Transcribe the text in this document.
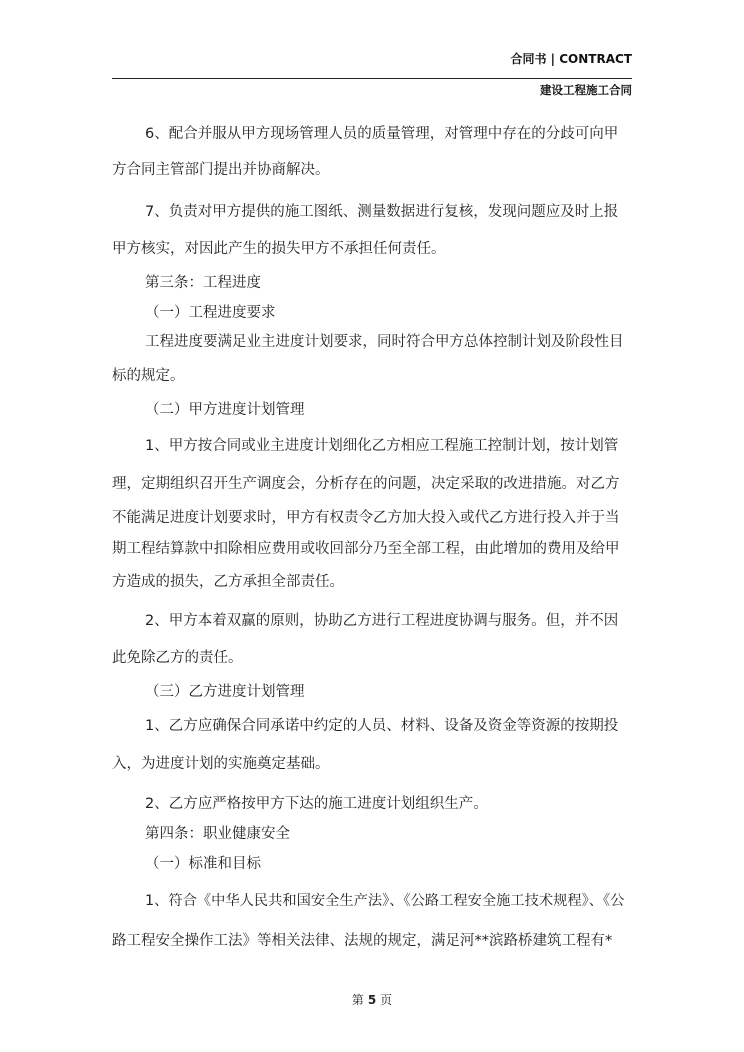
合同书 | CONTRACT
建设工程施工合同
6、配合并服从甲方现场管理人员的质量管理，对管理中存在的分歧可向甲
方合同主管部门提出并协商解决。
7、负责对甲方提供的施工图纸、测量数据进行复核，发现问题应及时上报
甲方核实，对因此产生的损失甲方不承担任何责任。
第三条：工程进度
（一）工程进度要求
工程进度要满足业主进度计划要求，同时符合甲方总体控制计划及阶段性目
标的规定。
（二）甲方进度计划管理
1、甲方按合同或业主进度计划细化乙方相应工程施工控制计划，按计划管
理，定期组织召开生产调度会，分析存在的问题，决定采取的改进措施。对乙方
不能满足进度计划要求时，甲方有权责令乙方加大投入或代乙方进行投入并于当
期工程结算款中扣除相应费用或收回部分乃至全部工程，由此增加的费用及给甲
方造成的损失，乙方承担全部责任。
2、甲方本着双赢的原则，协助乙方进行工程进度协调与服务。但，并不因
此免除乙方的责任。
（三）乙方进度计划管理
1、乙方应确保合同承诺中约定的人员、材料、设备及资金等资源的按期投
入，为进度计划的实施奠定基础。
2、乙方应严格按甲方下达的施工进度计划组织生产。
第四条：职业健康安全
（一）标准和目标
1、符合《中华人民共和国安全生产法》、《公路工程安全施工技术规程》、《公
路工程安全操作工法》等相关法律、法规的规定，满足河**滨路桥建筑工程有*
第 5 页
